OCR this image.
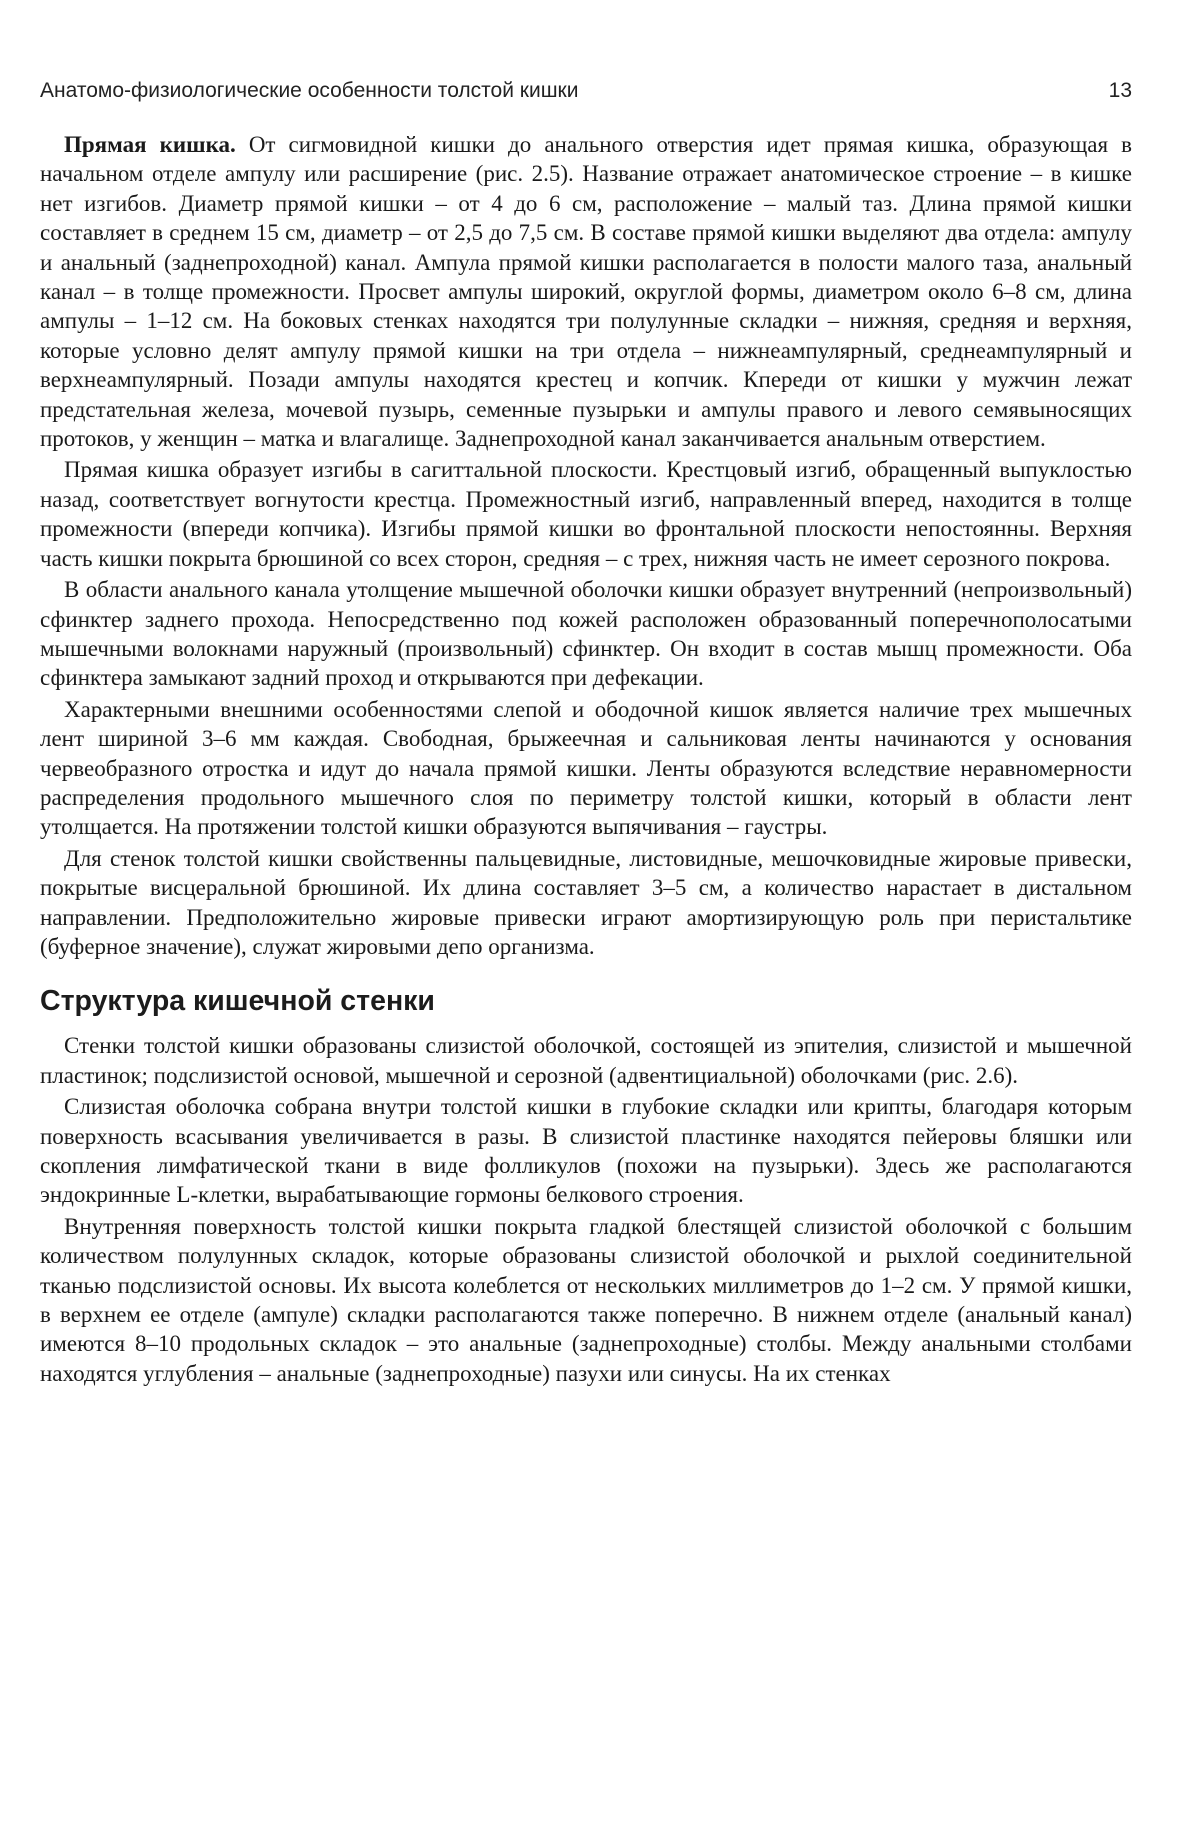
Анатомо-физиологические особенности толстой кишки	13

Прямая кишка. От сигмовидной кишки до анального отверстия идет прямая кишка, образующая в начальном отделе ампулу или расширение (рис. 2.5). Название отражает анатомическое строение – в кишке нет изгибов. Диаметр прямой кишки – от 4 до 6 см, расположение – малый таз. Длина прямой кишки составляет в среднем 15 см, диаметр – от 2,5 до 7,5 см. В составе прямой кишки выделяют два отдела: ампулу и анальный (заднепроходной) канал. Ампула прямой кишки располагается в полости малого таза, анальный канал – в толще промежности. Просвет ампулы широкий, округлой формы, диаметром около 6–8 см, длина ампулы – 1–12 см. На боковых стенках находятся три полулунные складки – нижняя, средняя и верхняя, которые условно делят ампулу прямой кишки на три отдела – нижнеампулярный, среднеампулярный и верхнеампулярный. Позади ампулы находятся крестец и копчик. Кпереди от кишки у мужчин лежат предстательная железа, мочевой пузырь, семенные пузырьки и ампулы правого и левого семявыносящих протоков, у женщин – матка и влагалище. Заднепроходной канал заканчивается анальным отверстием.

Прямая кишка образует изгибы в сагиттальной плоскости. Крестцовый изгиб, обращенный выпуклостью назад, соответствует вогнутости крестца. Промежностный изгиб, направленный вперед, находится в толще промежности (впереди копчика). Изгибы прямой кишки во фронтальной плоскости непостоянны. Верхняя часть кишки покрыта брюшиной со всех сторон, средняя – с трех, нижняя часть не имеет серозного покрова.

В области анального канала утолщение мышечной оболочки кишки образует внутренний (непроизвольный) сфинктер заднего прохода. Непосредственно под кожей расположен образованный поперечнополосатыми мышечными волокнами наружный (произвольный) сфинктер. Он входит в состав мышц промежности. Оба сфинктера замыкают задний проход и открываются при дефекации.

Характерными внешними особенностями слепой и ободочной кишок является наличие трех мышечных лент шириной 3–6 мм каждая. Свободная, брыжеечная и сальниковая ленты начинаются у основания червеобразного отростка и идут до начала прямой кишки. Ленты образуются вследствие неравномерности распределения продольного мышечного слоя по периметру толстой кишки, который в области лент утолщается. На протяжении толстой кишки образуются выпячивания – гаустры.

Для стенок толстой кишки свойственны пальцевидные, листовидные, мешочковидные жировые привески, покрытые висцеральной брюшиной. Их длина составляет 3–5 см, а количество нарастает в дистальном направлении. Предположительно жировые привески играют амортизирующую роль при перистальтике (буферное значение), служат жировыми депо организма.

Структура кишечной стенки

Стенки толстой кишки образованы слизистой оболочкой, состоящей из эпителия, слизистой и мышечной пластинок; подслизистой основой, мышечной и серозной (адвентициальной) оболочками (рис. 2.6).

Слизистая оболочка собрана внутри толстой кишки в глубокие складки или крипты, благодаря которым поверхность всасывания увеличивается в разы. В слизистой пластинке находятся пейеровы бляшки или скопления лимфатической ткани в виде фолликулов (похожи на пузырьки). Здесь же располагаются эндокринные L-клетки, вырабатывающие гормоны белкового строения.

Внутренняя поверхность толстой кишки покрыта гладкой блестящей слизистой оболочкой с большим количеством полулунных складок, которые образованы слизистой оболочкой и рыхлой соединительной тканью подслизистой основы. Их высота колеблется от нескольких миллиметров до 1–2 см. У прямой кишки, в верхнем ее отделе (ампуле) складки располагаются также поперечно. В нижнем отделе (анальный канал) имеются 8–10 продольных складок – это анальные (заднепроходные) столбы. Между анальными столбами находятся углубления – анальные (заднепроходные) пазухи или синусы. На их стенках
